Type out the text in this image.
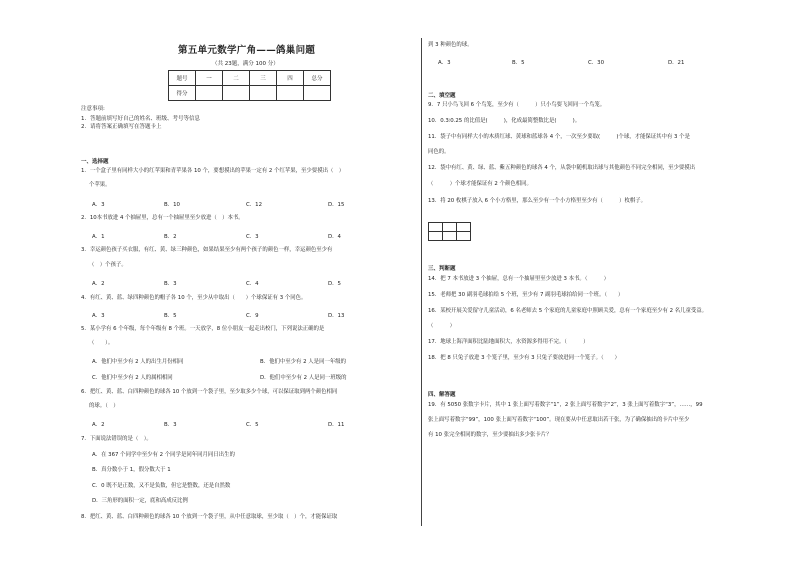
第五单元数学广角——鸽巢问题
（共 23题，满分 100 分）
题号	一	二	三	四	总分
得分					
注意事项:
1．答题前填写好自己的姓名、班级、考号等信息
2．请将答案正确填写在答题卡上
一、选择题
1．一个盒子里有同样大小的红苹果和青苹果各 10 个，要想摸出的苹果一定有 2 个红苹果，至少要摸出（　）
个苹果。
A．3	B．10	C．12	D．15
2．10本书放进 4 个抽屉里，总有一个抽屉里至少放进（　）本书。
A．1	B．2	C．3	D．4
3．幸运颜色孩子买衣服，有红、黄、绿三种颜色，如果结果至少有两个孩子的颜色一样，幸运颜色至少有
（　）个孩子。
A．2	B．3	C．4	D．5
4．有红、黄、蓝、绿四种颜色的帽子各 10 个，至少从中取出（　　）个球保证有 3 个同色。
A．3	B．5	C．9	D．13
5．某小学有 6 个年级，每个年级有 8 个班。一天放学，8 位小朋友一起走出校门，下列说法正确的是
（　　）。
A．他们中至少有 2 人的出生月份相同	B．他们中至少有 2 人是同一年级的
C．他们中至少有 2 人的属相相同	D．他们中至少有 2 人是同一班级的
6．把红、黄、蓝、白四种颜色的球各 10 个放到一个袋子里，至少取多少个球，可以保证取到两个颜色相同
的球。（　）
A．2	B．3	C．5	D．11
7．下面说法错误的是（　）。
A．在 367 个同学中至少有 2 个同学是同年同月同日出生的
B．真分数小于 1，假分数大于 1
C．0 既不是正数，又不是负数，但它是整数，还是自然数
D．三角形的面积一定，底和高成反比例
8．把红、黄、蓝、白四种颜色的球各 10 个放到一个袋子里，从中任意取球，至少取（　）个，才能保证取
到 3 种颜色的球。
A．3	B．5	C．30	D．21
二、填空题
9．7 只小鸟飞回 6 个鸟笼，至少有（　　　）只小鸟要飞回同一个鸟笼。
10．0.3∶0.25 的比值是(　　　)，化成最简整数比是(　　　)。
11．袋子中有同样大小的木质红球、黄球和蓝球各 4 个，一次至少要取(　　　)个球，才能保证其中有 3 个是
同色的。
12．袋中有红、黄、绿、蓝、紫五种颜色的球各 4 个，从袋中随机取出球与其他颜色不同完全相同，至少要摸出
（　　　）个球才能保证有 2 个颜色相同。
13．将 20 枚棋子放入 6 个小方格里，那么至少有一个小方格里至少有（　　　）枚棋子。

三、判断题
14．把 7 本书放进 3 个抽屉，总有一个抽屉里至少放进 3 本书。（　　　）
15．老师把 30 副羽毛球拍给 5 个班，至少有 7 副羽毛球拍给同一个班。（　　）
16．某校开展关爱留守儿童活动，6 名老师去 5 个家庭的儿童家庭中照顾关爱，总有一个家庭至少有 2 名儿童受益。
（　　　）
17．地球上海洋面积比陆地面积大，水资源多得用不完。（　　　）
18．把 8 只兔子放进 3 个笼子里，至少有 3 只兔子要放进同一个笼子。（　　）
四、解答题
19．有 5050 张数字卡片，其中 1 张上面写着数字“1”，2 张上面写着数字“2”，3 张上面写着数字“3”，……，99
张上面写着数字“99”，100 张上面写着数字“100”。现在要从中任意取出若干张，为了确保抽出的卡片中至少
有 10 张完全相同的数字，至少要抽出多少张卡片？
